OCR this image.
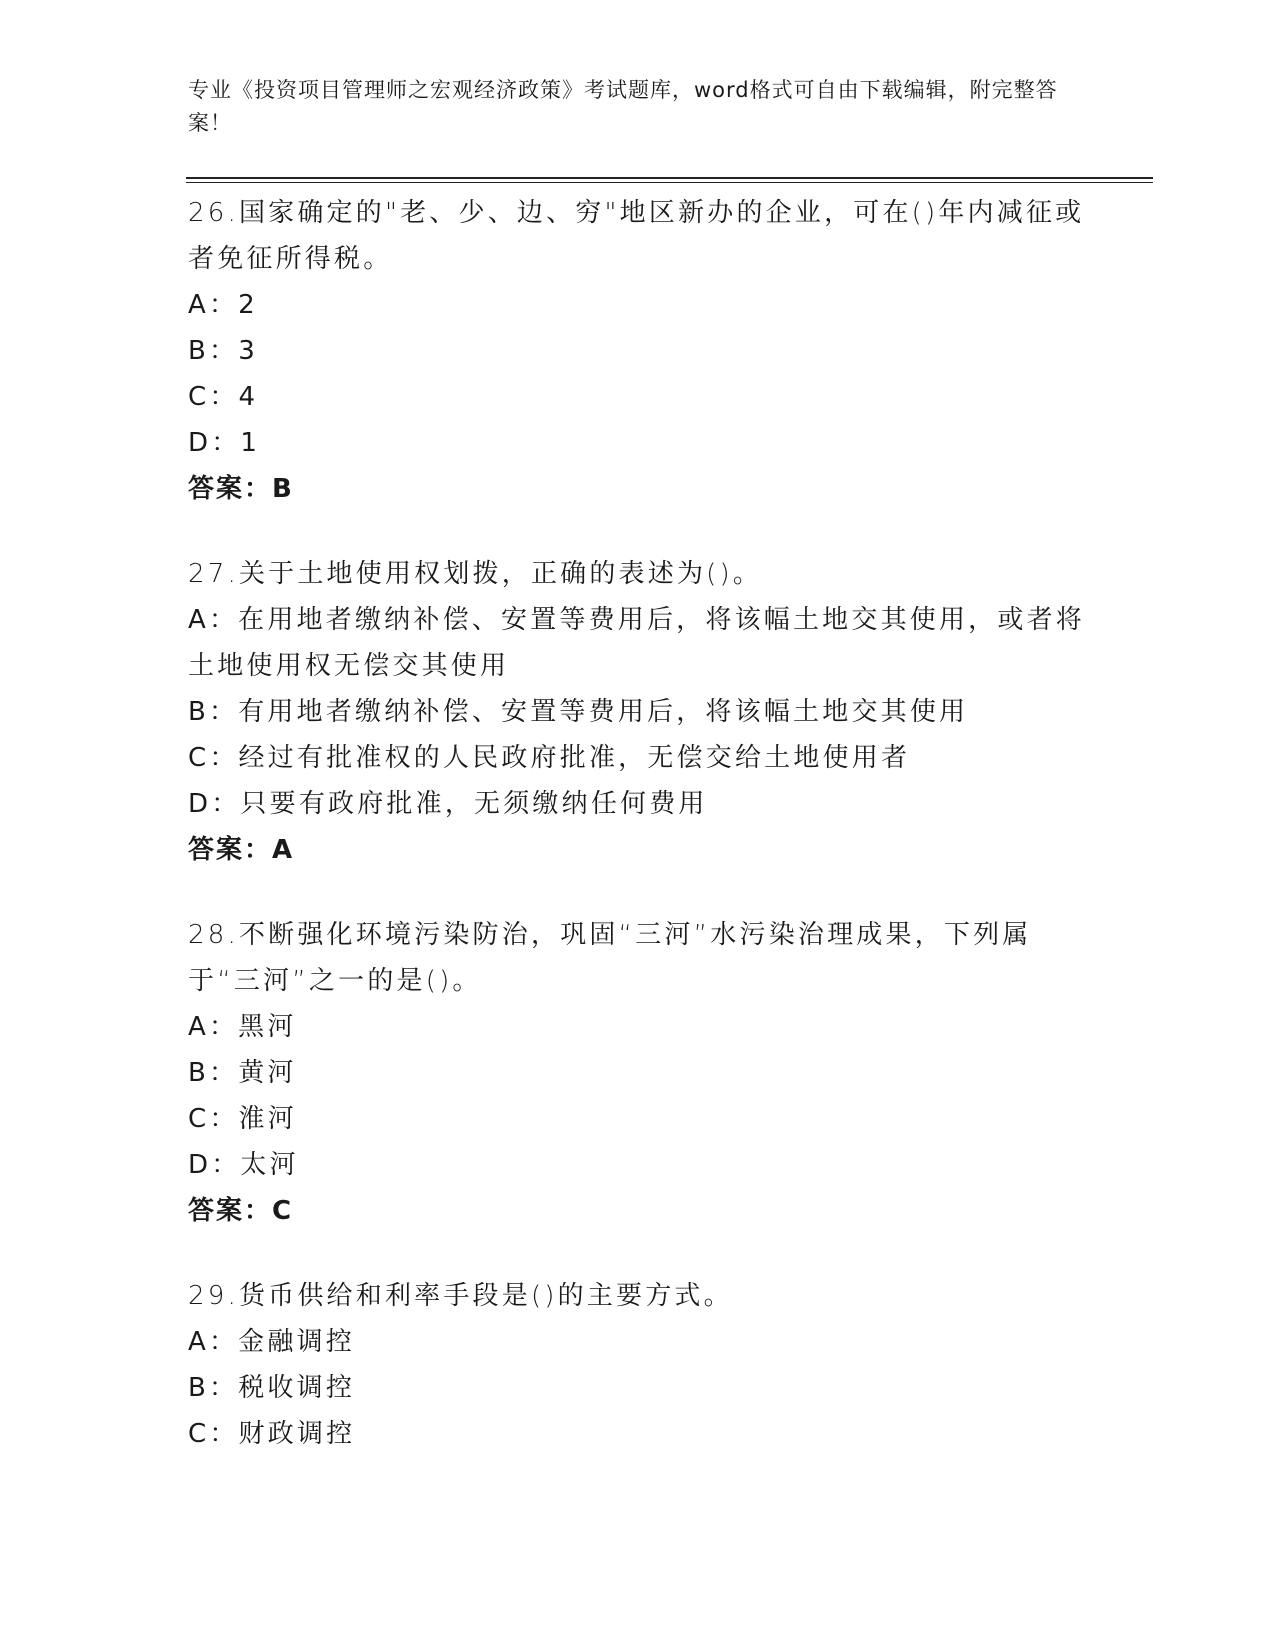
专业《投资项目管理师之宏观经济政策》考试题库，word格式可自由下载编辑，附完整答案！

26.国家确定的"老、少、边、穷"地区新办的企业，可在()年内减征或者免征所得税。

A：2

B：3

C：4

D：1

答案：B

27.关于土地使用权划拨，正确的表述为()。

A：在用地者缴纳补偿、安置等费用后，将该幅土地交其使用，或者将土地使用权无偿交其使用

B：有用地者缴纳补偿、安置等费用后，将该幅土地交其使用

C：经过有批准权的人民政府批准，无偿交给土地使用者

D：只要有政府批准，无须缴纳任何费用

答案：A

28.不断强化环境污染防治，巩固“三河”水污染治理成果，下列属于“三河”之一的是()。

A：黑河

B：黄河

C：淮河

D：太河

答案：C

29.货币供给和利率手段是()的主要方式。

A：金融调控

B：税收调控

C：财政调控
